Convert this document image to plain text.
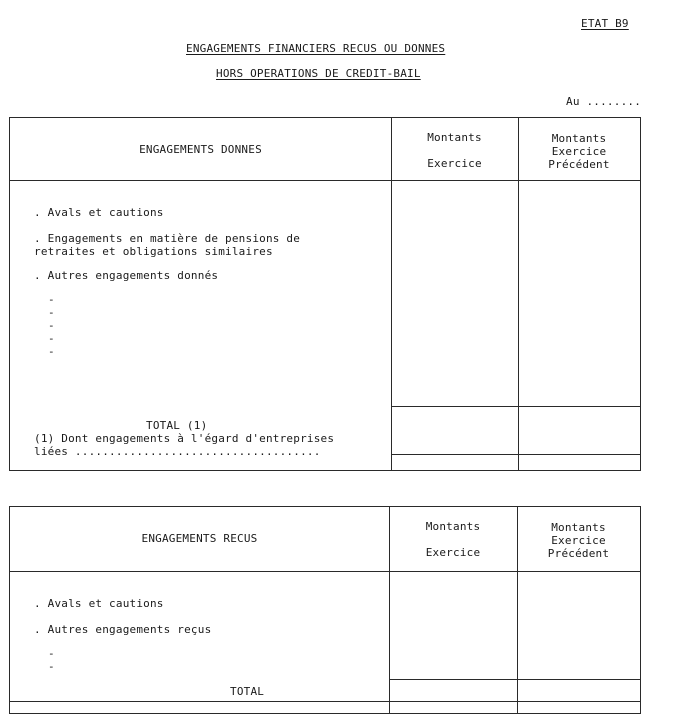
ETAT B9
ENGAGEMENTS FINANCIERS RECUS OU DONNES
HORS OPERATIONS DE CREDIT-BAIL
Au ........
ENGAGEMENTS DONNES
Montants
Exercice
Montants
Exercice
Précédent
. Avals et cautions
. Engagements en matière de pensions de
retraites et obligations similaires
. Autres engagements donnés
-
-
-
-
-
TOTAL (1)
(1) Dont engagements à l'égard d'entreprises
liées ....................................
ENGAGEMENTS RECUS
Montants
Exercice
Montants
Exercice
Précédent
. Avals et cautions
. Autres engagements reçus
-
-
TOTAL
